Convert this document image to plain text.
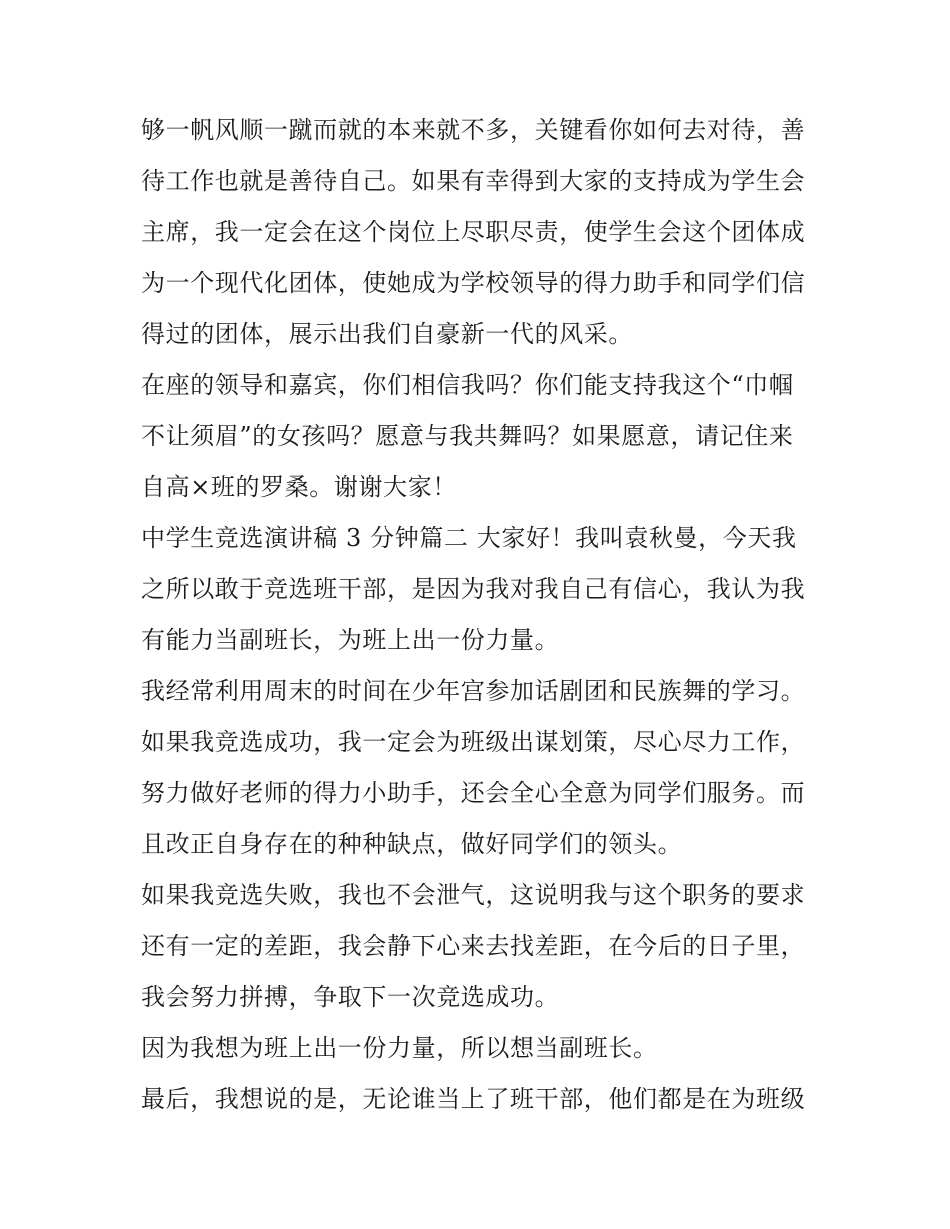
够一帆风顺一蹴而就的本来就不多，关键看你如何去对待，善
待工作也就是善待自己。如果有幸得到大家的支持成为学生会
主席，我一定会在这个岗位上尽职尽责，使学生会这个团体成
为一个现代化团体，使她成为学校领导的得力助手和同学们信
得过的团体，展示出我们自豪新一代的风采。
在座的领导和嘉宾，你们相信我吗？你们能支持我这个“巾帼
不让须眉”的女孩吗？愿意与我共舞吗？如果愿意，请记住来
自高×班的罗桑。谢谢大家！
中学生竞选演讲稿 3 分钟篇二 大家好！我叫袁秋曼，今天我
之所以敢于竞选班干部，是因为我对我自己有信心，我认为我
有能力当副班长，为班上出一份力量。
我经常利用周末的时间在少年宫参加话剧团和民族舞的学习。
如果我竞选成功，我一定会为班级出谋划策，尽心尽力工作，
努力做好老师的得力小助手，还会全心全意为同学们服务。而
且改正自身存在的种种缺点，做好同学们的领头。
如果我竞选失败，我也不会泄气，这说明我与这个职务的要求
还有一定的差距，我会静下心来去找差距，在今后的日子里，
我会努力拼搏，争取下一次竞选成功。
因为我想为班上出一份力量，所以想当副班长。
最后，我想说的是，无论谁当上了班干部，他们都是在为班级
